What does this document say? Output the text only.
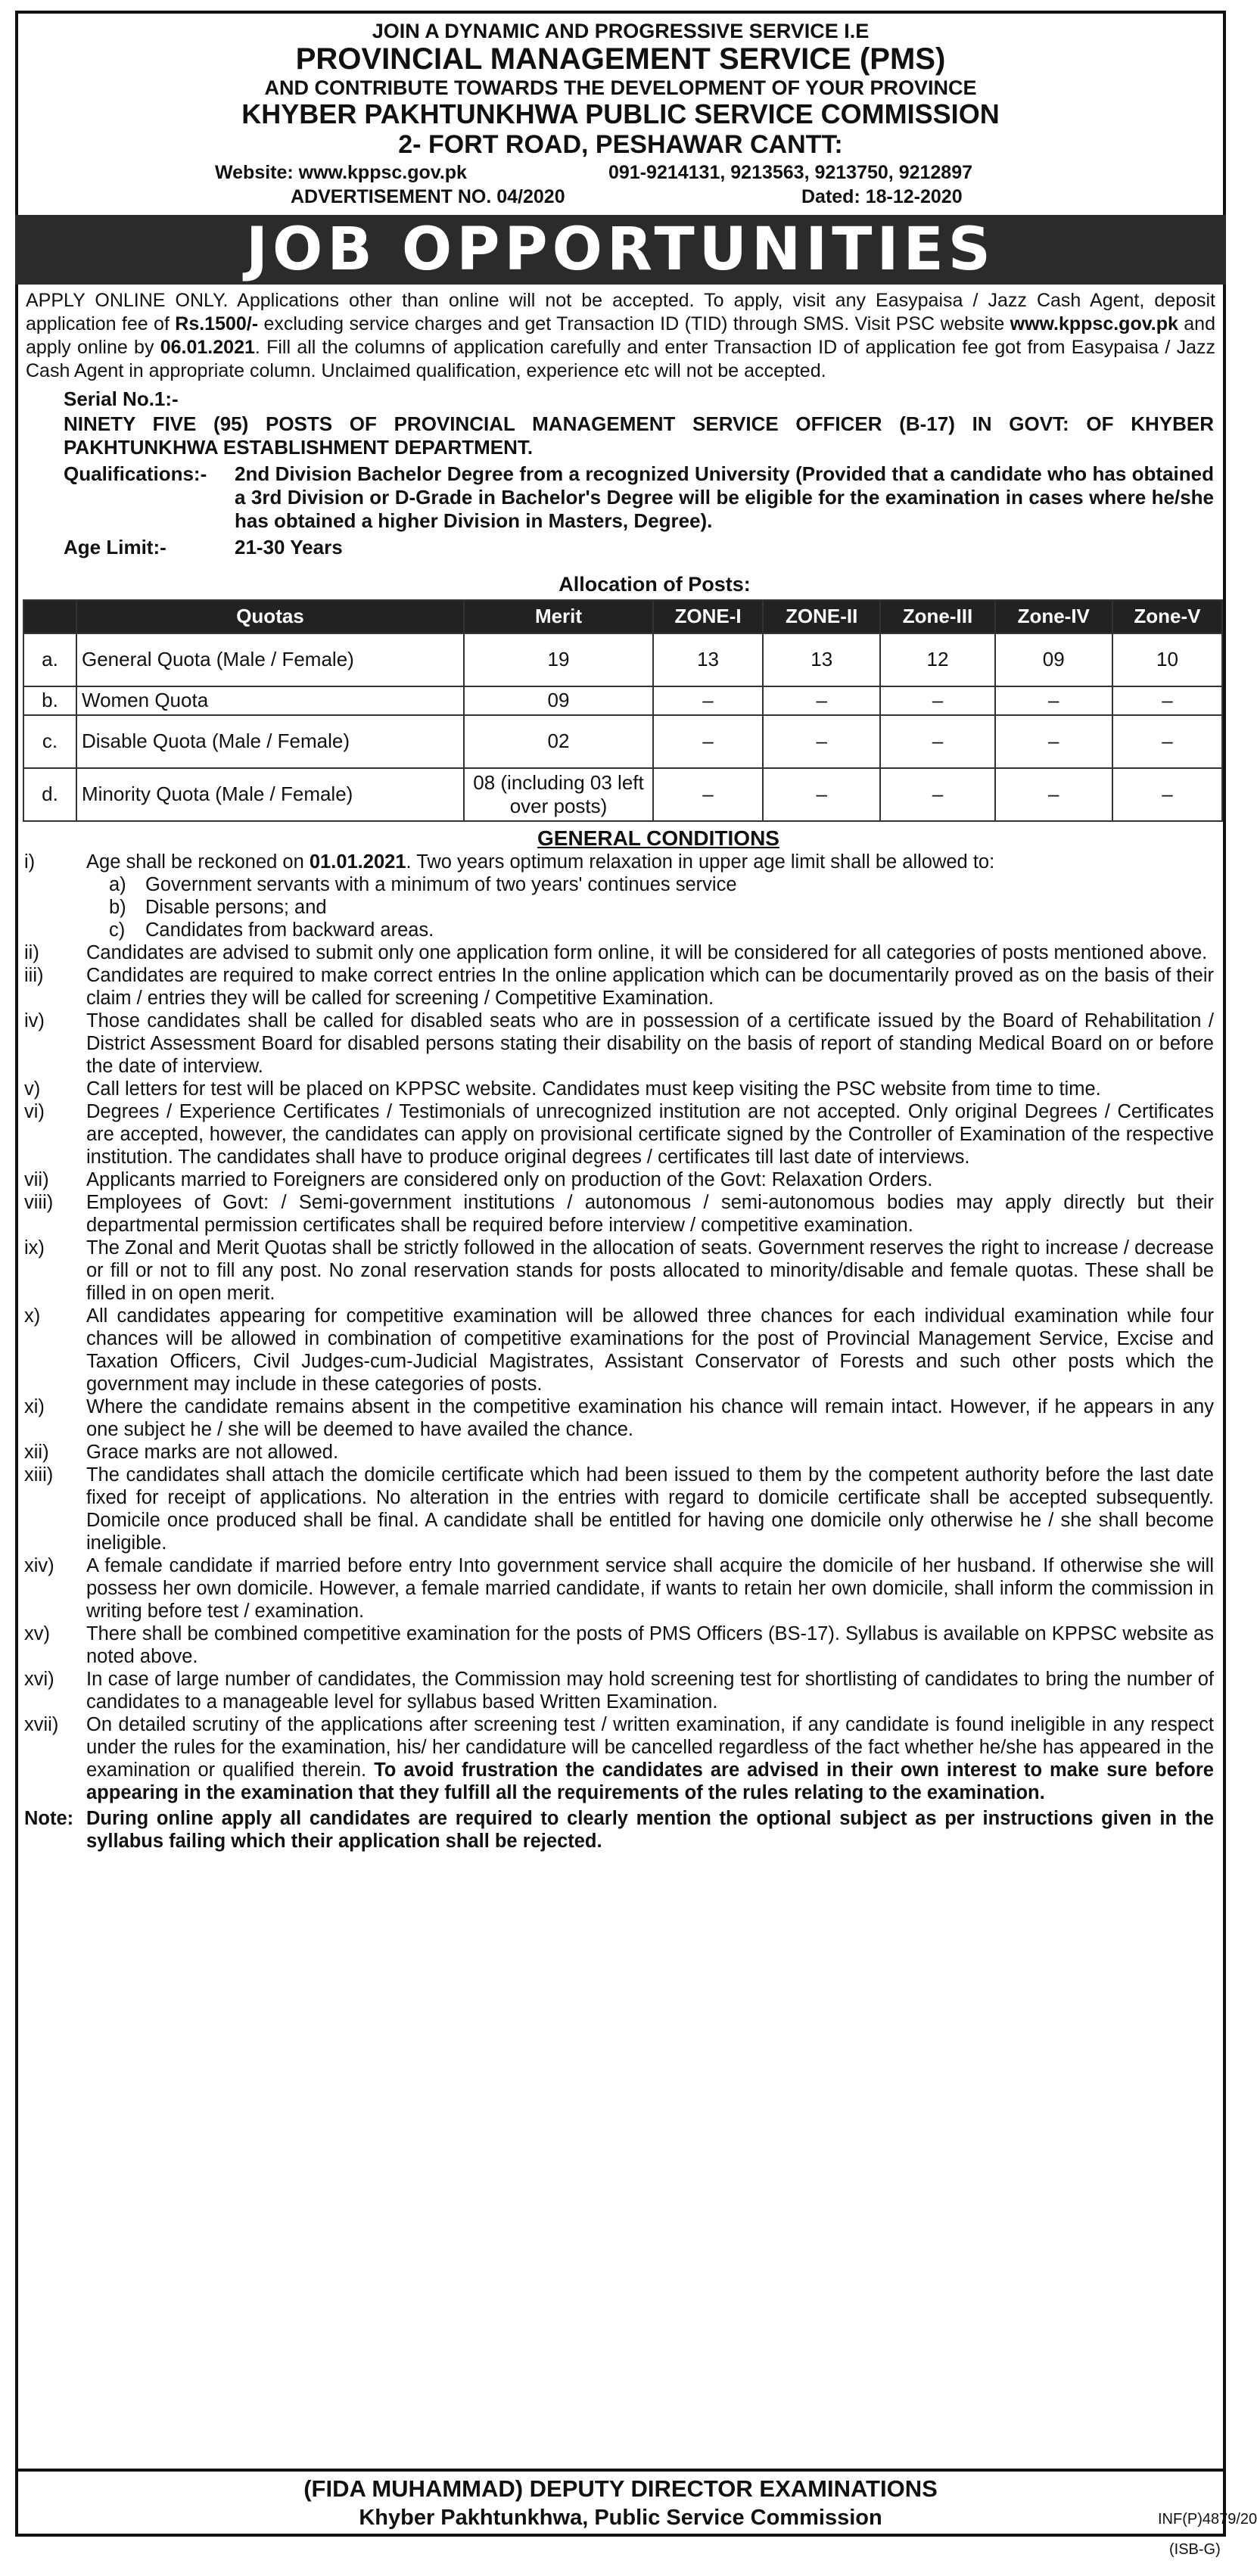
JOIN A DYNAMIC AND PROGRESSIVE SERVICE I.E
PROVINCIAL MANAGEMENT SERVICE (PMS)
AND CONTRIBUTE TOWARDS THE DEVELOPMENT OF YOUR PROVINCE
KHYBER PAKHTUNKHWA PUBLIC SERVICE COMMISSION
2- FORT ROAD, PESHAWAR CANTT:
Website: www.kppsc.gov.pk	091-9214131, 9213563, 9213750, 9212897
ADVERTISEMENT NO. 04/2020	Dated: 18-12-2020
JOB OPPORTUNITIES
APPLY ONLINE ONLY. Applications other than online will not be accepted. To apply, visit any Easypaisa / Jazz Cash Agent, deposit application fee of Rs.1500/- excluding service charges and get Transaction ID (TID) through SMS. Visit PSC website www.kppsc.gov.pk and apply online by 06.01.2021. Fill all the columns of application carefully and enter Transaction ID of application fee got from Easypaisa / Jazz Cash Agent in appropriate column. Unclaimed qualification, experience etc will not be accepted.
Serial No.1:-
NINETY FIVE (95) POSTS OF PROVINCIAL MANAGEMENT SERVICE OFFICER (B-17) IN GOVT: OF KHYBER PAKHTUNKHWA ESTABLISHMENT DEPARTMENT.
Qualifications:-	2nd Division Bachelor Degree from a recognized University (Provided that a candidate who has obtained a 3rd Division or D-Grade in Bachelor's Degree will be eligible for the examination in cases where he/she has obtained a higher Division in Masters, Degree).
Age Limit:-	21-30 Years
Allocation of Posts:
	Quotas	Merit	ZONE-I	ZONE-II	Zone-III	Zone-IV	Zone-V
a.	General Quota (Male / Female)	19	13	13	12	09	10
b.	Women Quota	09	–	–	–	–	–
c.	Disable Quota (Male / Female)	02	–	–	–	–	–
d.	Minority Quota (Male / Female)	08 (including 03 left over posts)	–	–	–	–	–
GENERAL CONDITIONS
i)	Age shall be reckoned on 01.01.2021. Two years optimum relaxation in upper age limit shall be allowed to:
a) Government servants with a minimum of two years' continues service
b) Disable persons; and
c)	Candidates from backward areas.
ii)	Candidates are advised to submit only one application form online, it will be considered for all categories of posts mentioned above.
iii)	Candidates are required to make correct entries In the online application which can be documentarily proved as on the basis of their claim / entries they will be called for screening / Competitive Examination.
iv)	Those candidates shall be called for disabled seats who are in possession of a certificate issued by the Board of Rehabilitation / District Assessment Board for disabled persons stating their disability on the basis of report of standing Medical Board on or before the date of interview.
v)	Call letters for test will be placed on KPPSC website. Candidates must keep visiting the PSC website from time to time.
vi)	Degrees / Experience Certificates / Testimonials of unrecognized institution are not accepted. Only original Degrees / Certificates are accepted, however, the candidates can apply on provisional certificate signed by the Controller of Examination of the respective institution. The candidates shall have to produce original degrees / certificates till last date of interviews.
vii)	Applicants married to Foreigners are considered only on production of the Govt: Relaxation Orders.
viii)	Employees of Govt: / Semi-government institutions / autonomous / semi-autonomous bodies may apply directly but their departmental permission certificates shall be required before interview / competitive examination.
ix)	The Zonal and Merit Quotas shall be strictly followed in the allocation of seats. Government reserves the right to increase / decrease or fill or not to fill any post. No zonal reservation stands for posts allocated to minority/disable and female quotas. These shall be filled in on open merit.
x)	All candidates appearing for competitive examination will be allowed three chances for each individual examination while four chances will be allowed in combination of competitive examinations for the post of Provincial Management Service, Excise and Taxation Officers, Civil Judges-cum-Judicial Magistrates, Assistant Conservator of Forests and such other posts which the government may include in these categories of posts.
xi)	Where the candidate remains absent in the competitive examination his chance will remain intact. However, if he appears in any one subject he / she will be deemed to have availed the chance.
xii)	Grace marks are not allowed.
xiii)	The candidates shall attach the domicile certificate which had been issued to them by the competent authority before the last date fixed for receipt of applications. No alteration in the entries with regard to domicile certificate shall be accepted subsequently. Domicile once produced shall be final. A candidate shall be entitled for having one domicile only otherwise he / she shall become ineligible.
xiv)	A female candidate if married before entry Into government service shall acquire the domicile of her husband. If otherwise she will possess her own domicile. However, a female married candidate, if wants to retain her own domicile, shall inform the commission in writing before test / examination.
xv)	There shall be combined competitive examination for the posts of PMS Officers (BS-17). Syllabus is available on KPPSC website as noted above.
xvi)	In case of large number of candidates, the Commission may hold screening test for shortlisting of candidates to bring the number of candidates to a manageable level for syllabus based Written Examination.
xvii)	On detailed scrutiny of the applications after screening test / written examination, if any candidate is found ineligible in any respect under the rules for the examination, his/ her candidature will be cancelled regardless of the fact whether he/she has appeared in the examination or qualified therein. To avoid frustration the candidates are advised in their own interest to make sure before appearing in the examination that they fulfill all the requirements of the rules relating to the examination.
Note: During online apply all candidates are required to clearly mention the optional subject as per instructions given in the syllabus failing which their application shall be rejected.
(FIDA MUHAMMAD) DEPUTY DIRECTOR EXAMINATIONS
Khyber Pakhtunkhwa, Public Service Commission	INF(P)4879/20
(ISB-G)
